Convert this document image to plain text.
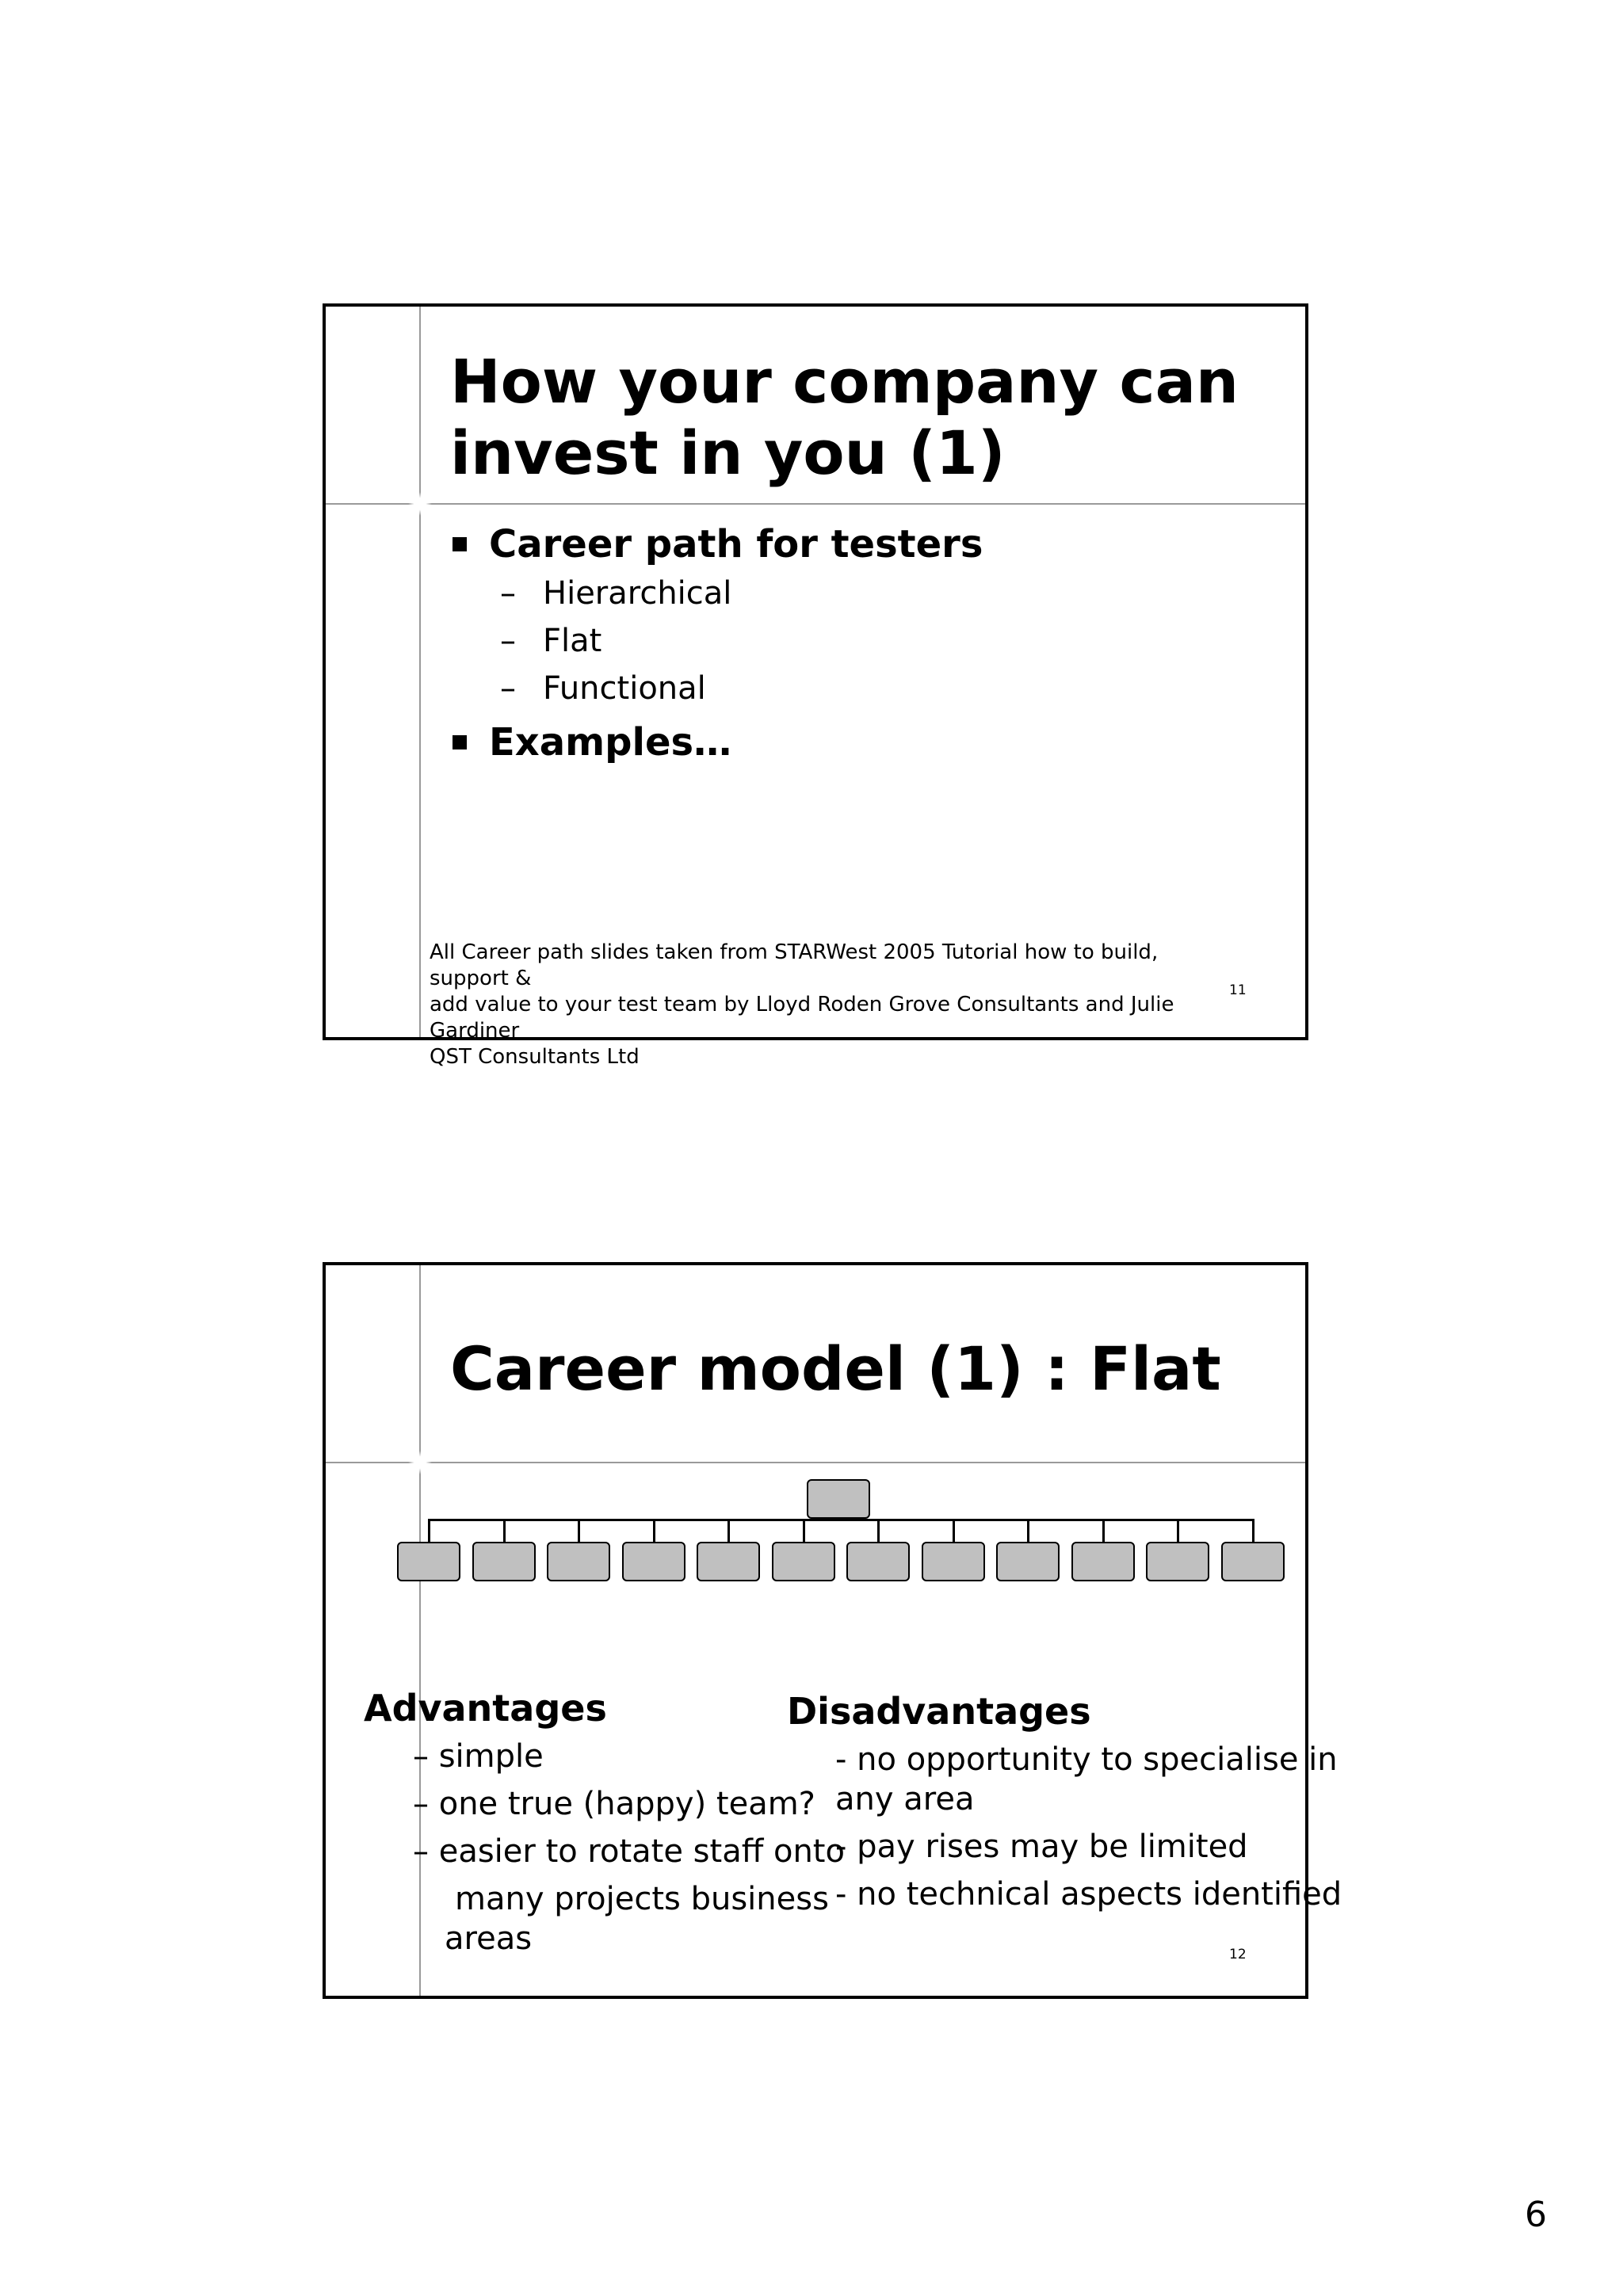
How your company can
invest in you (1)
Career path for testers
– Hierarchical
– Flat
– Functional
Examples…
All Career path slides taken from STARWest 2005 Tutorial how to build, support &
add value to your test team by Lloyd Roden Grove Consultants and Julie Gardiner
QST Consultants Ltd
11
Career model (1) : Flat
Advantages
– simple
– one true (happy) team?
– easier to rotate staff onto
many projects business
areas
Disadvantages
- no opportunity to specialise in
any area
- pay rises may be limited
- no technical aspects identified
12
6
